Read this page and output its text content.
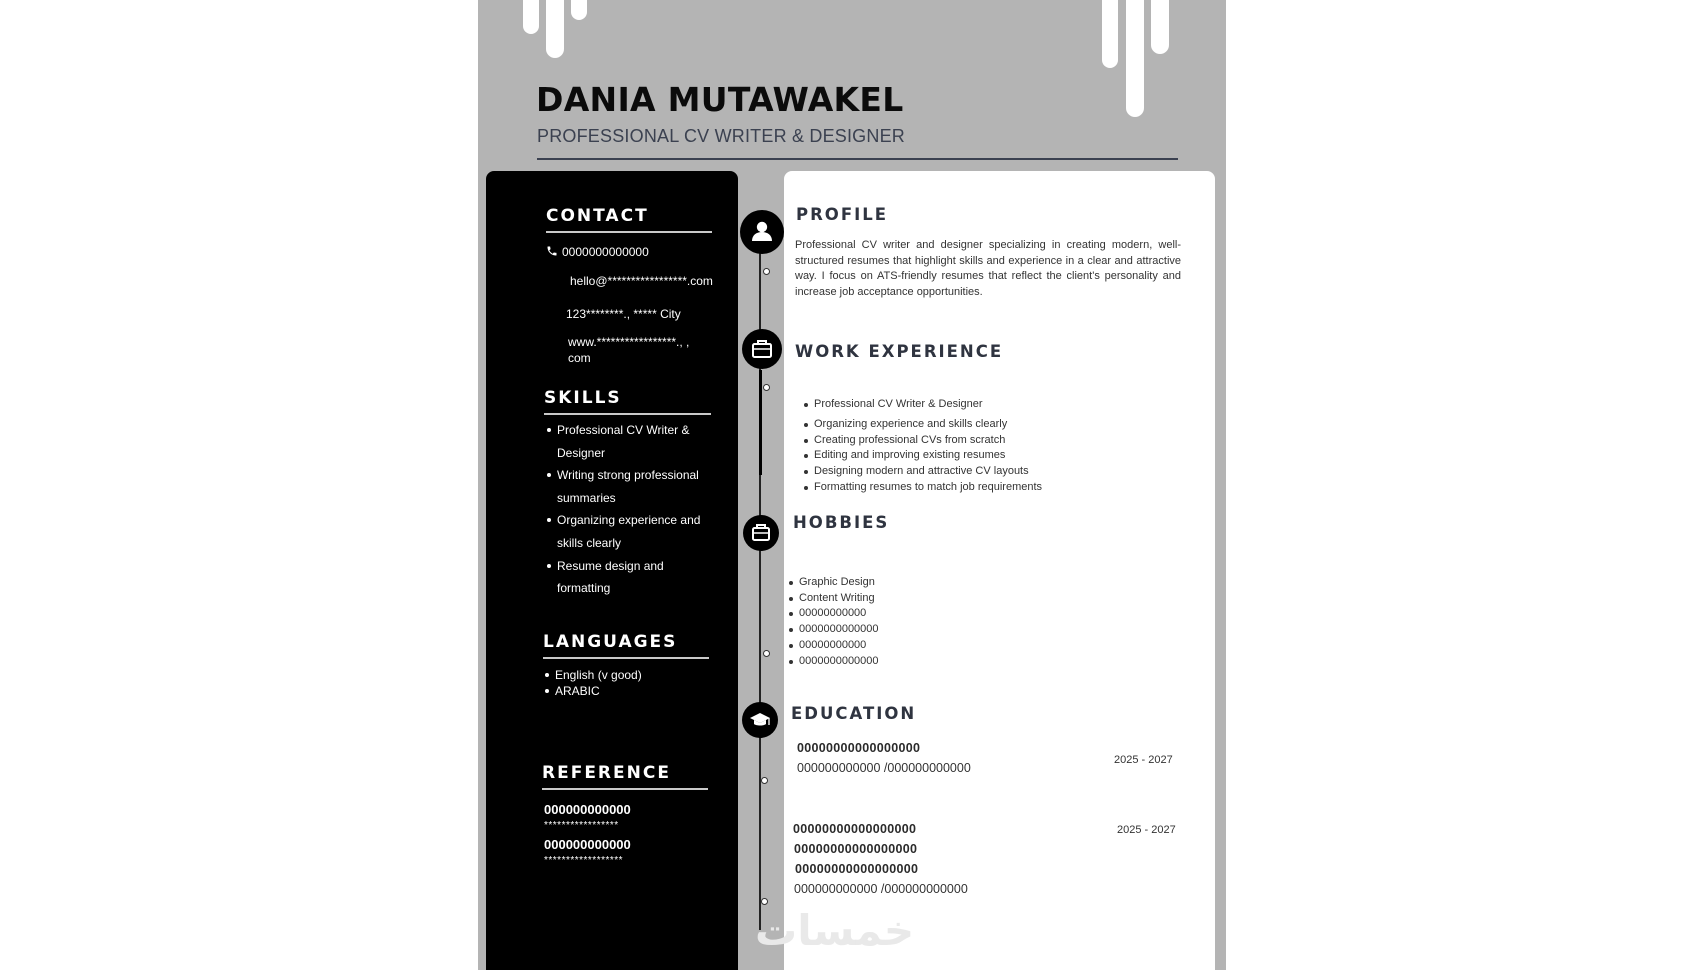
DANIA MUTAWAKEL
PROFESSIONAL CV WRITER & DESIGNER
CONTACT
0000000000000
hello@*****************.com
123********., ***** City
www.*****************., ,
com
SKILLS
Professional CV Writer & Designer
Writing strong professional summaries
Organizing experience and skills clearly
Resume design and formatting
LANGUAGES
English (v good)
ARABIC
REFERENCE
000000000000
*****************
000000000000
******************
PROFILE

Professional CV writer and designer specializing in creating modern, well-structured resumes that highlight skills and experience in a clear and attractive way. I focus on ATS-friendly resumes that reflect the client's personality and increase job acceptance opportunities.

WORK EXPERIENCE
Professional CV Writer & Designer
Organizing experience and skills clearly
Creating professional CVs from scratch
Editing and improving existing resumes
Designing modern and attractive CV layouts
Formatting resumes to match job requirements
HOBBIES
Graphic Design
Content Writing
00000000000
0000000000000
00000000000
0000000000000
EDUCATION
00000000000000000
000000000000 /000000000000
2025 - 2027
00000000000000000
00000000000000000
00000000000000000
000000000000 /000000000000
2025 - 2027
خمسات
